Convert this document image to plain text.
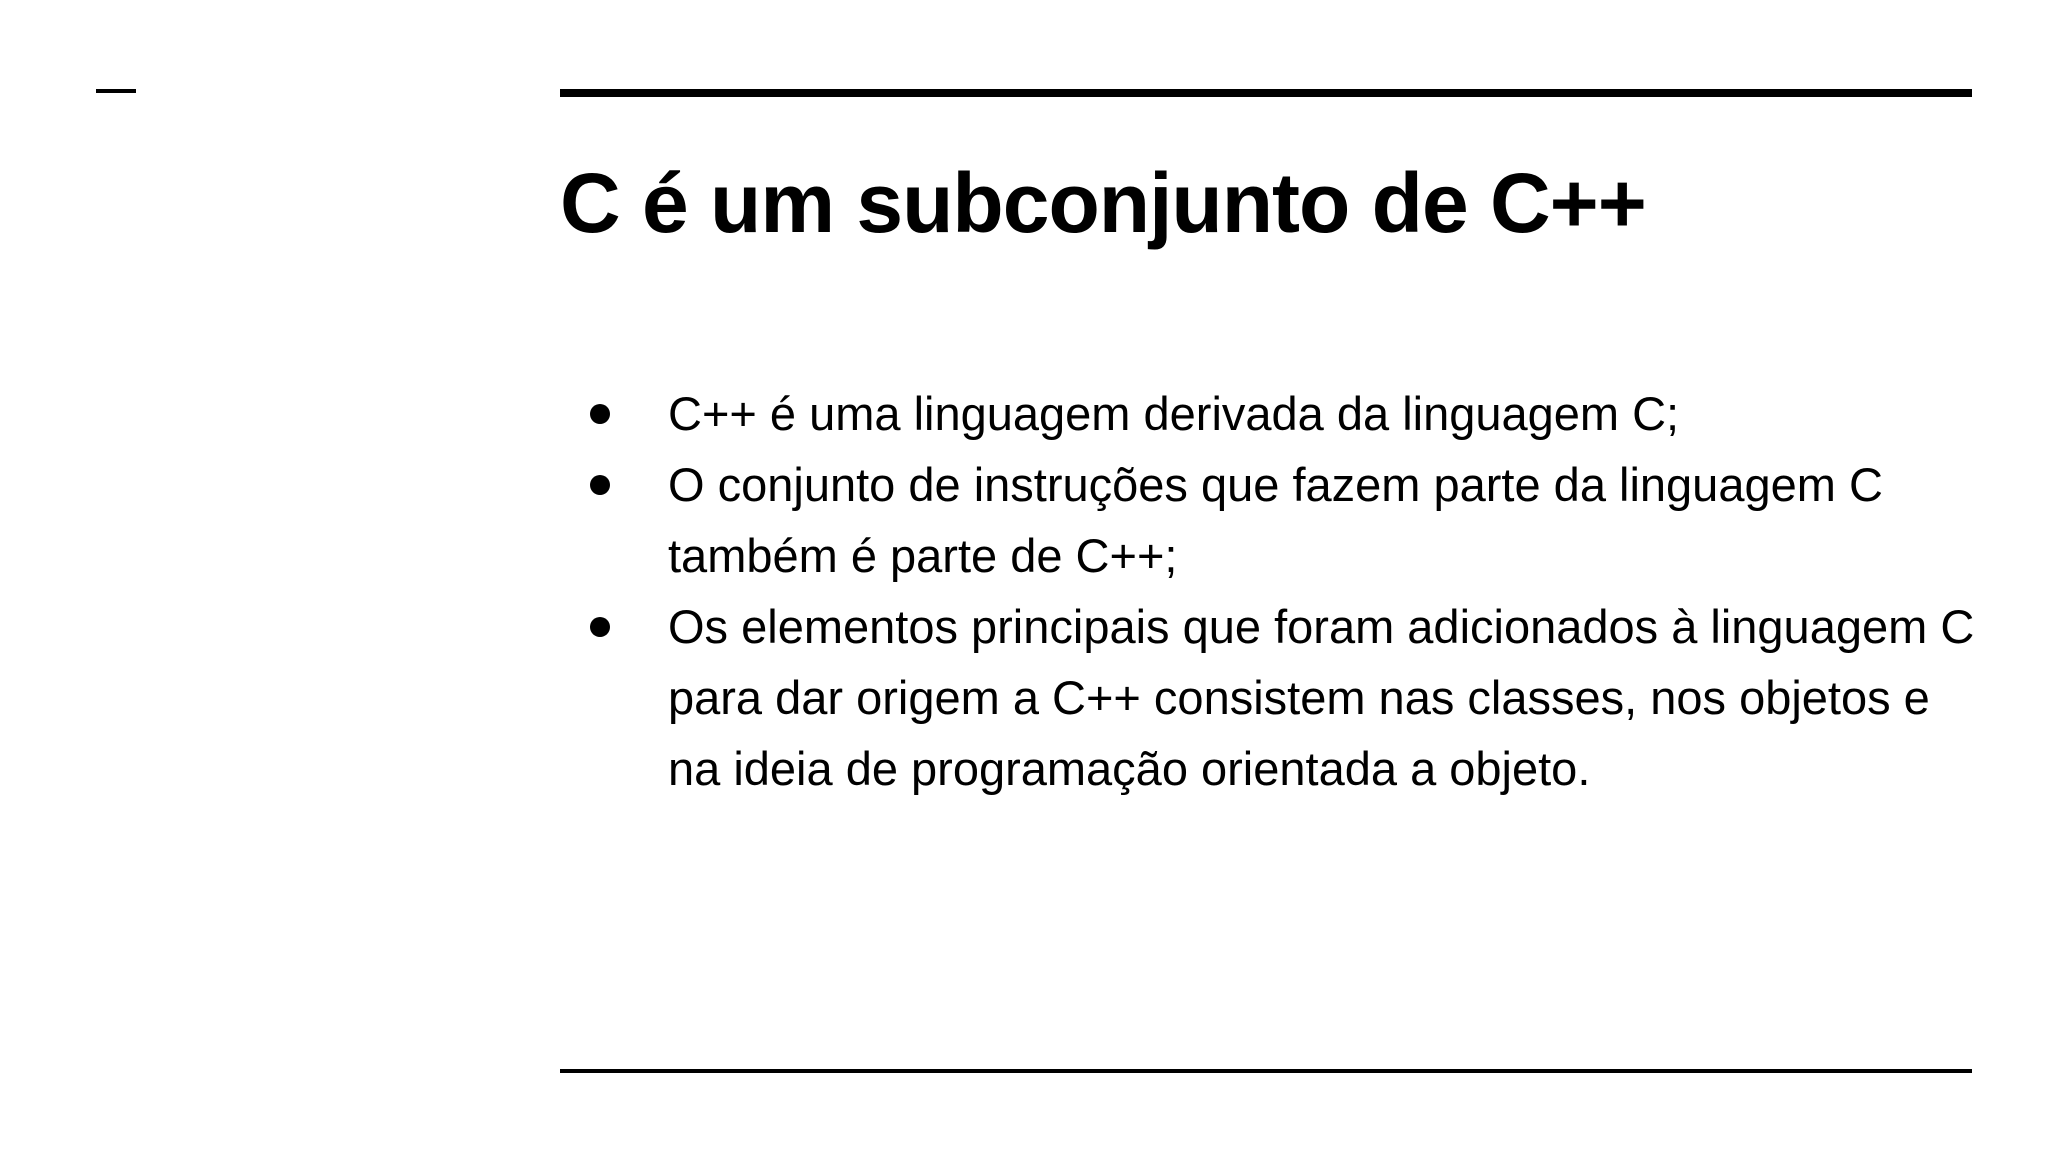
C é um subconjunto de C++
C++ é uma linguagem derivada da linguagem C;
O conjunto de instruções que fazem parte da linguagem C também é parte de C++;
Os elementos principais que foram adicionados à linguagem C para dar origem a C++ consistem nas classes, nos objetos e na ideia de programação orientada a objeto.
